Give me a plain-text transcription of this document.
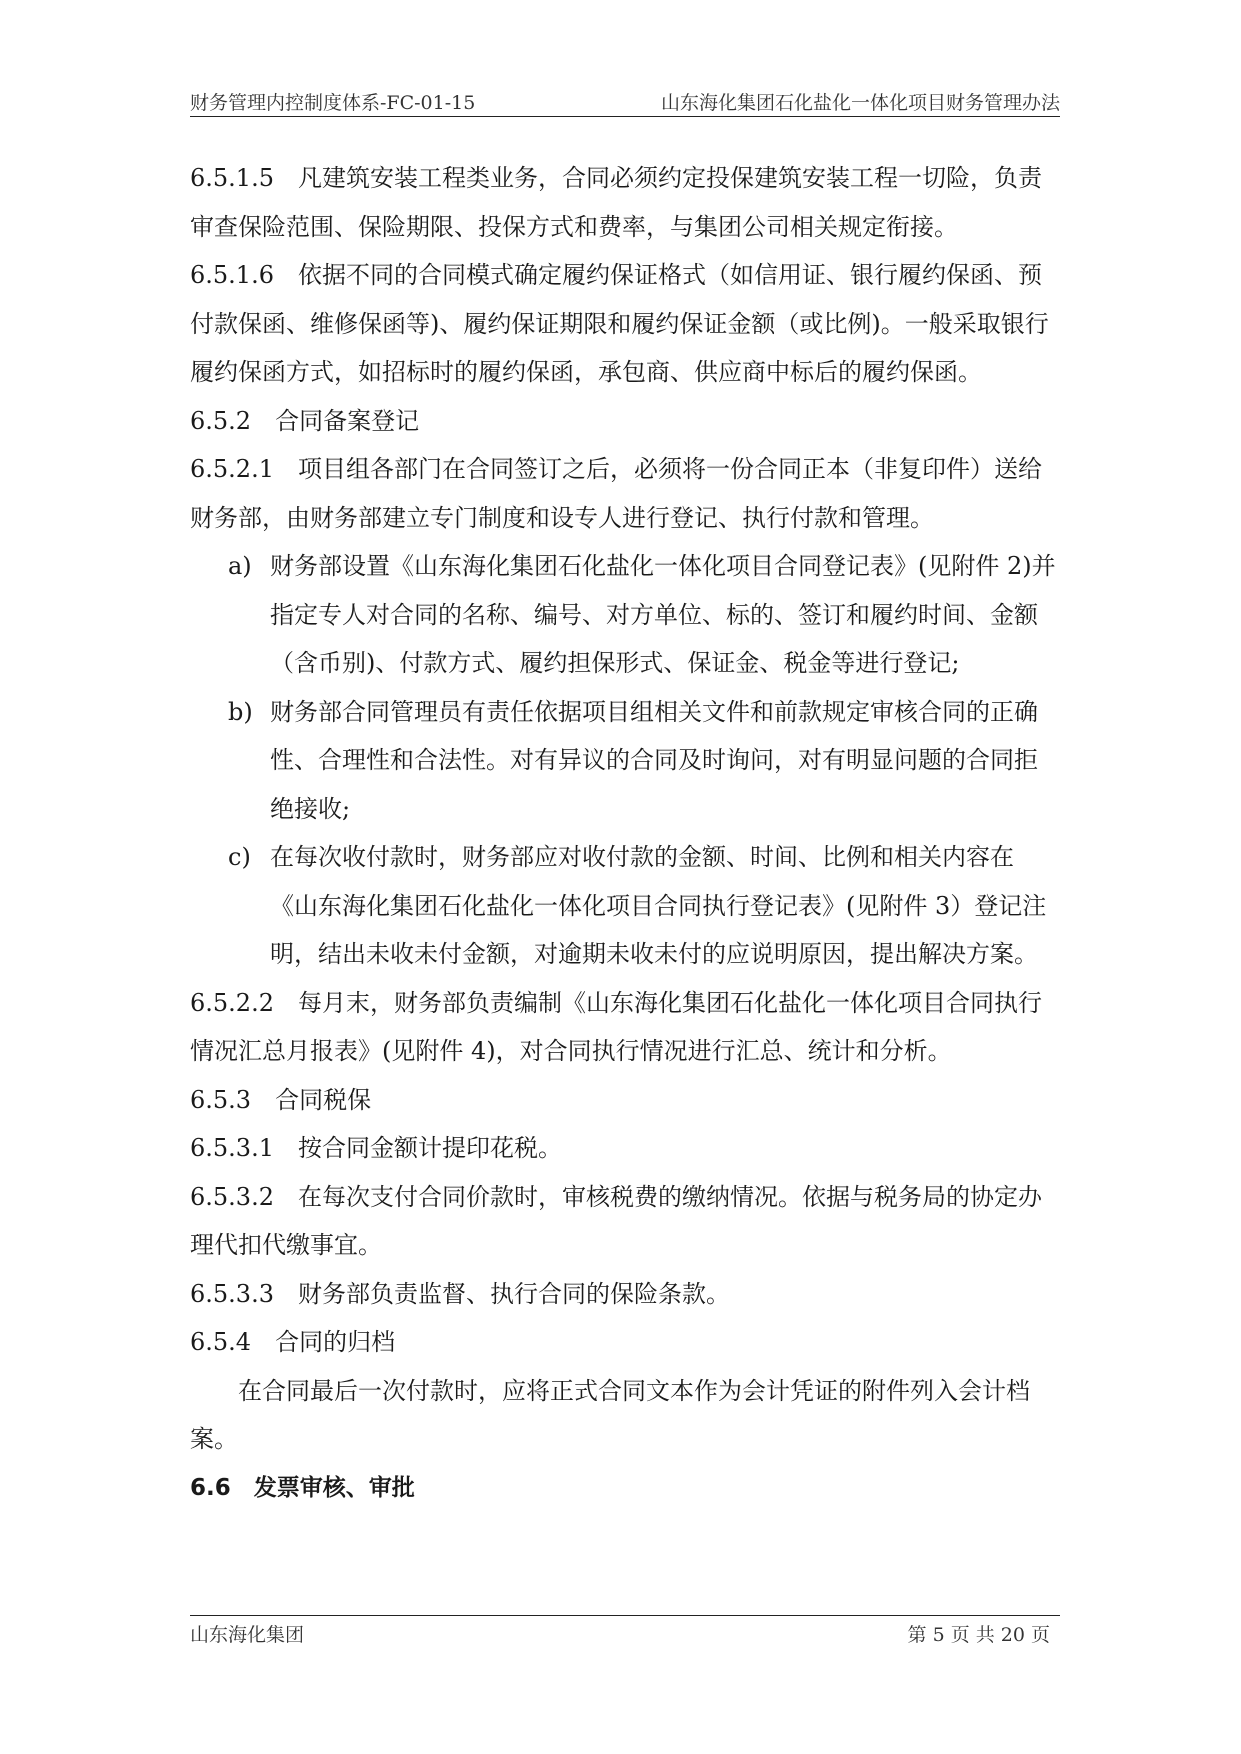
财务管理内控制度体系-FC-01-15	山东海化集团石化盐化一体化项目财务管理办法

6.5.1.5　凡建筑安装工程类业务，合同必须约定投保建筑安装工程一切险，负责审查保险范围、保险期限、投保方式和费率，与集团公司相关规定衔接。

6.5.1.6　依据不同的合同模式确定履约保证格式（如信用证、银行履约保函、预付款保函、维修保函等)、履约保证期限和履约保证金额（或比例)。一般采取银行履约保函方式，如招标时的履约保函，承包商、供应商中标后的履约保函。

6.5.2　合同备案登记

6.5.2.1　项目组各部门在合同签订之后，必须将一份合同正本（非复印件）送给财务部，由财务部建立专门制度和设专人进行登记、执行付款和管理。

a) 财务部设置《山东海化集团石化盐化一体化项目合同登记表》(见附件 2)并指定专人对合同的名称、编号、对方单位、标的、签订和履约时间、金额（含币别)、付款方式、履约担保形式、保证金、税金等进行登记;

b) 财务部合同管理员有责任依据项目组相关文件和前款规定审核合同的正确性、合理性和合法性。对有异议的合同及时询问，对有明显问题的合同拒绝接收;

c) 在每次收付款时，财务部应对收付款的金额、时间、比例和相关内容在《山东海化集团石化盐化一体化项目合同执行登记表》(见附件 3）登记注明，结出未收未付金额，对逾期未收未付的应说明原因，提出解决方案。

6.5.2.2　每月末，财务部负责编制《山东海化集团石化盐化一体化项目合同执行情况汇总月报表》(见附件 4)，对合同执行情况进行汇总、统计和分析。

6.5.3　合同税保

6.5.3.1　按合同金额计提印花税。

6.5.3.2　在每次支付合同价款时，审核税费的缴纳情况。依据与税务局的协定办理代扣代缴事宜。

6.5.3.3　财务部负责监督、执行合同的保险条款。

6.5.4　合同的归档

在合同最后一次付款时，应将正式合同文本作为会计凭证的附件列入会计档案。

6.6　发票审核、审批

山东海化集团	第 5 页 共 20 页
